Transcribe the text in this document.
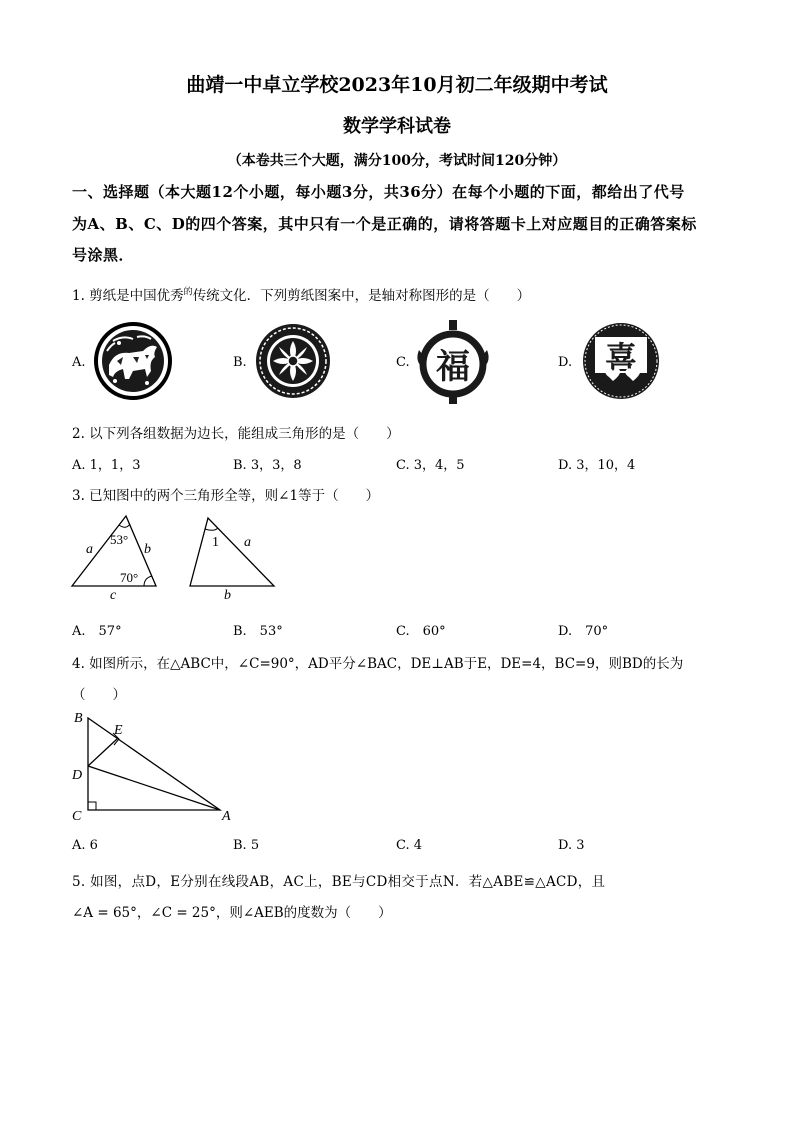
曲靖一中卓立学校2023年10月初二年级期中考试
数学学科试卷
（本卷共三个大题，满分100分，考试时间120分钟）
一、选择题（本大题12个小题，每小题3分，共36分）在每个小题的下面，都给出了代号
为A、B、C、D的四个答案，其中只有一个是正确的，请将答题卡上对应题目的正确答案标
号涂黑．
1. 剪纸是中国优秀$^的$传统文化．下列剪纸图案中，是轴对称图形的是（　　）
A.	B.	C.	D.
福	喜
2. 以下列各组数据为边长，能组成三角形的是（　　）
A. 1，1，3	B. 3，3，8	C. 3，4，5	D. 3，10，4
3. 已知图中的两个三角形全等，则∠1等于（　　）
53°
70°
a	b
c
1 a
b
A.　57°	B.　53°	C.　60°	D.　70°
4. 如图所示，在△ABC中，∠C=90°，AD平分∠BAC，DE⊥AB于E，DE=4，BC=9，则BD的长为
（　　）
B
E
D
C	A
A. 6	B. 5	C. 4	D. 3
5. 如图，点D，E分别在线段AB，AC上，BE与CD相交于点N．若△ABE≌△ACD，且
∠A = 65°，∠C = 25°，则∠AEB的度数为（　　）
